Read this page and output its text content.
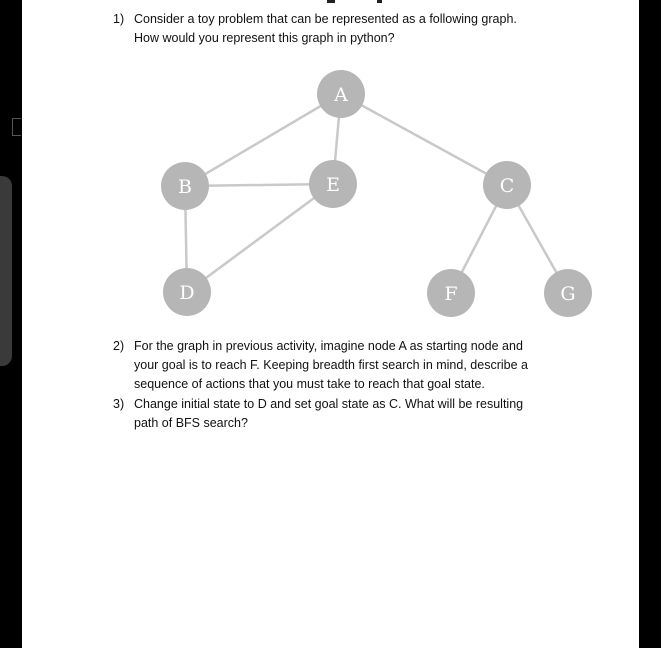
1) Consider a toy problem that can be represented as a following graph.

How would you represent this graph in python?

A
B	C
D
E
F	G
2) For the graph in previous activity, imagine node A as starting node and

your goal is to reach F. Keeping breadth first search in mind, describe a

sequence of actions that you must take to reach that goal state.

3) Change initial state to D and set goal state as C. What will be resulting

path of BFS search?
